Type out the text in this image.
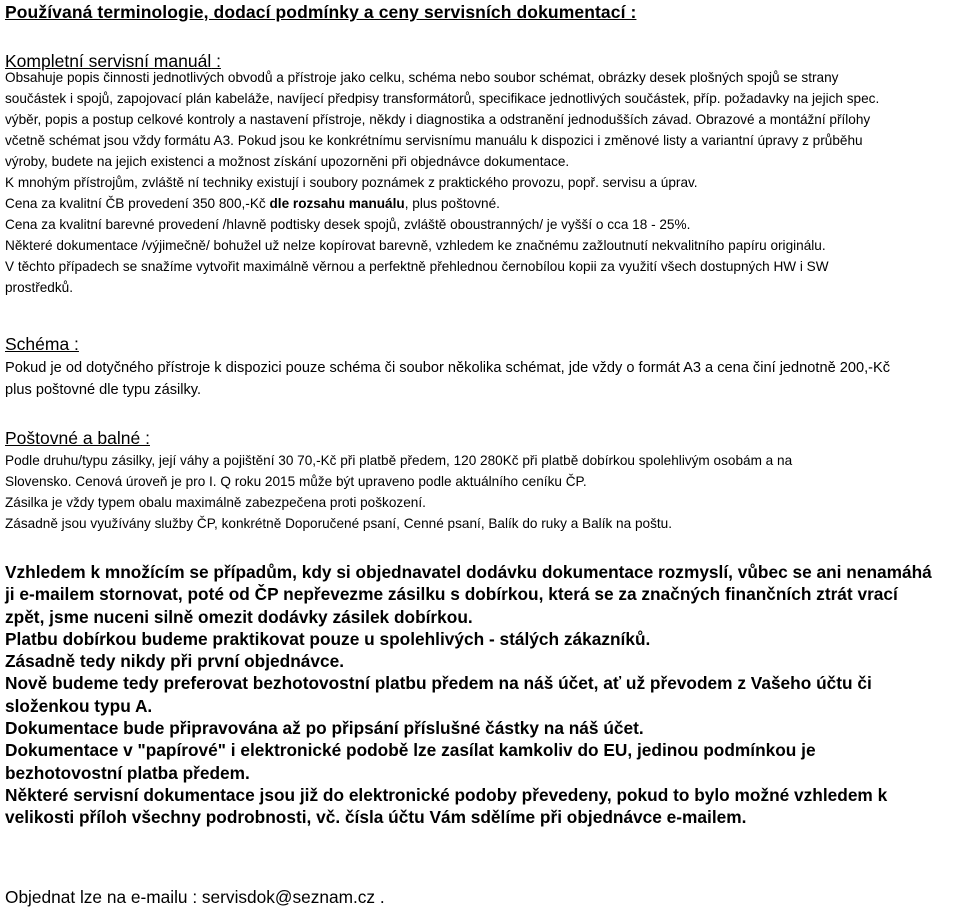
Používaná terminologie, dodací podmínky a ceny servisních dokumentací :
Kompletní servisní manuál :
Obsahuje popis činnosti jednotlivých obvodů a přístroje jako celku, schéma nebo soubor schémat, obrázky desek plošných spojů se strany
součástek i spojů, zapojovací plán kabeláže, navíjecí předpisy transformátorů, specifikace jednotlivých součástek, příp. požadavky na jejich spec.
výběr, popis a postup celkové kontroly a nastavení přístroje, někdy i diagnostika a odstranění jednodušších závad. Obrazové a montážní přílohy
včetně schémat jsou vždy formátu A3. Pokud jsou ke konkrétnímu servisnímu manuálu k dispozici i změnové listy a variantní úpravy z průběhu
výroby, budete na jejich existenci a možnost získání upozorněni při objednávce dokumentace.
K mnohým přístrojům, zvláště ní techniky existují i soubory poznámek z praktického provozu, popř. servisu a úprav.
Cena za kvalitní ČB provedení 350 800,-Kč dle rozsahu manuálu, plus poštovné.
Cena za kvalitní barevné provedení /hlavně podtisky desek spojů, zvláště oboustranných/ je vyšší o cca 18 - 25%.
Některé dokumentace /výjimečně/ bohužel už nelze kopírovat barevně, vzhledem ke značnému zažloutnutí nekvalitního papíru originálu.
V těchto případech se snažíme vytvořit maximálně věrnou a perfektně přehlednou černobílou kopii za využití všech dostupných HW i SW
prostředků.
Schéma :
Pokud je od dotyčného přístroje k dispozici pouze schéma či soubor několika schémat, jde vždy o formát A3 a cena činí jednotně 200,-Kč
plus poštovné dle typu zásilky.
Poštovné a balné :
Podle druhu/typu zásilky, její váhy a pojištění 30 70,-Kč při platbě předem, 120 280Kč při platbě dobírkou spolehlivým osobám a na
Slovensko. Cenová úroveň je pro I. Q roku 2015 může být upraveno podle aktuálního ceníku ČP.
Zásilka je vždy typem obalu maximálně zabezpečena proti poškození.
Zásadně jsou využívány služby ČP, konkrétně Doporučené psaní, Cenné psaní, Balík do ruky a Balík na poštu.
Vzhledem k množícím se případům, kdy si objednavatel dodávku dokumentace rozmyslí, vůbec se ani nenamáhá
ji e-mailem stornovat, poté od ČP nepřevezme zásilku s dobírkou, která se za značných finančních ztrát vrací
zpět, jsme nuceni silně omezit dodávky zásilek dobírkou.
Platbu dobírkou budeme praktikovat pouze u spolehlivých - stálých zákazníků.
Zásadně tedy nikdy při první objednávce.
Nově budeme tedy preferovat bezhotovostní platbu předem na náš účet, ať už převodem z Vašeho účtu či
složenkou typu A.
Dokumentace bude připravována až po připsání příslušné částky na náš účet.
Dokumentace v "papírové" i elektronické podobě lze zasílat kamkoliv do EU, jedinou podmínkou je
bezhotovostní platba předem.
Některé servisní dokumentace jsou již do elektronické podoby převedeny, pokud to bylo možné vzhledem k
velikosti příloh všechny podrobnosti, vč. čísla účtu Vám sdělíme při objednávce e-mailem.
Objednat lze na e-mailu : servisdok@seznam.cz .
